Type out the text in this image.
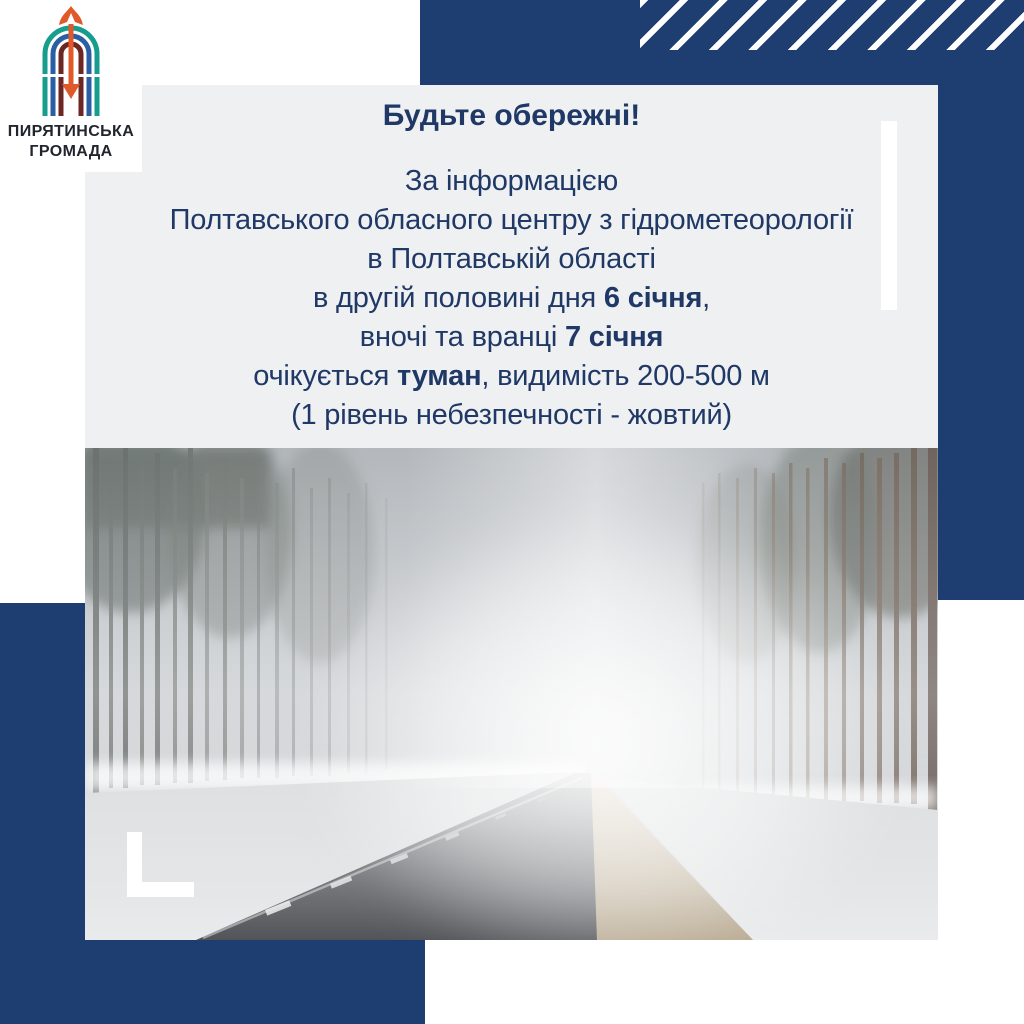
Будьте обережні!
За інформацією
Полтавського обласного центру з гідрометеорології
в Полтавській області
в другій половині дня 6 січня,
вночі та вранці 7 січня
очікується туман, видимість 200-500 м
(1 рівень небезпечності - жовтий)
ПИРЯТИНСЬКА
ГРОМАДА
